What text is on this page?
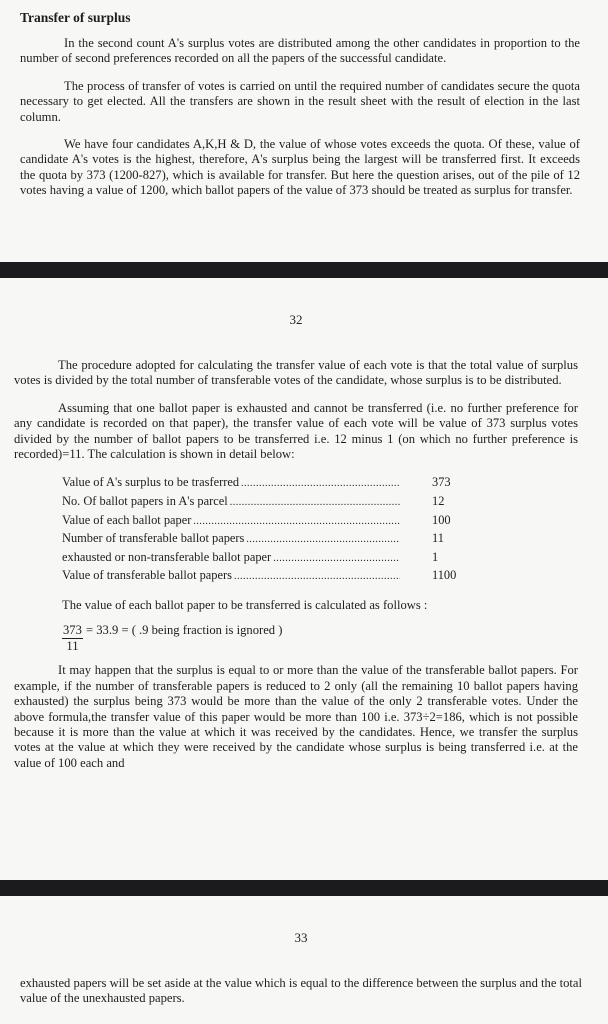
Transfer of surplus

In the second count A's surplus votes are distributed among the other candidates in proportion to the number of second preferences recorded on all the papers of the successful candidate.

The process of transfer of votes is carried on until the required number of candidates secure the quota necessary to get elected. All the transfers are shown in the result sheet with the result of election in the last column.

We have four candidates A,K,H & D, the value of whose votes exceeds the quota. Of these, value of candidate A's votes is the highest, therefore, A's surplus being the largest will be transferred first. It exceeds the quota by 373 (1200-827), which is available for transfer. But here the question arises, out of the pile of 12 votes having a value of 1200, which ballot papers of the value of 373 should be treated as surplus for transfer.

32

The procedure adopted for calculating the transfer value of each vote is that the total value of surplus votes is divided by the total number of transferable votes of the candidate, whose surplus is to be distributed.

Assuming that one ballot paper is exhausted and cannot be transferred (i.e. no further preference for any candidate is recorded on that paper), the transfer value of each vote will be value of 373 surplus votes divided by the number of ballot papers to be transferred i.e. 12 minus 1 (on which no further preference is recorded)=11. The calculation is shown in detail below:

Value of A's surplus to be trasferred .....	373
No. Of ballot papers in A's parcel .....	12
Value of each ballot paper .....	100
Number of transferable ballot papers .....	11
exhausted or non-transferable ballot paper .....	1
Value of transferable ballot papers .....	1100

The value of each ballot paper to be transferred is calculated as follows :

$\frac{373}{11} = 33.9$ = ( .9 being fraction is ignored )

It may happen that the surplus is equal to or more than the value of the transferable ballot papers. For example, if the number of transferable papers is reduced to 2 only (all the remaining 10 ballot papers having exhausted) the surplus being 373 would be more than the value of the only 2 transferable votes. Under the above formula,the transfer value of this paper would be more than 100 i.e. 373÷2=186, which is not possible because it is more than the value at which it was received by the candidates. Hence, we transfer the surplus votes at the value at which they were received by the candidate whose surplus is being transferred i.e. at the value of 100 each and

33

exhausted papers will be set aside at the value which is equal to the difference between the surplus and the total value of the unexhausted papers.
